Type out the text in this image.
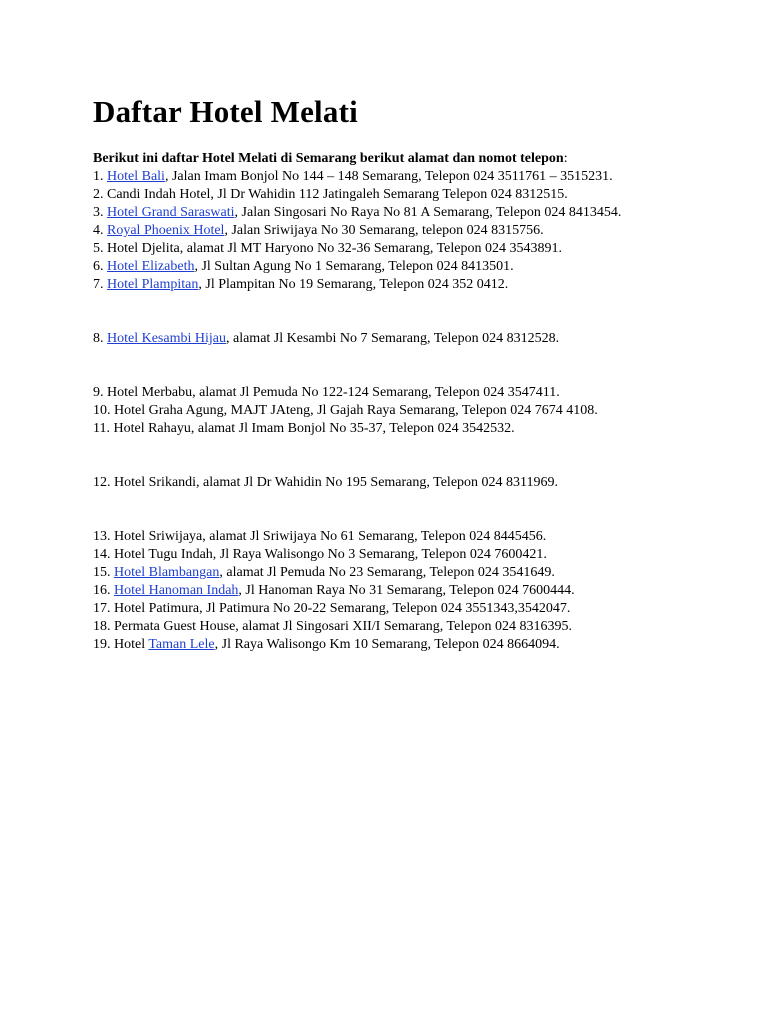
Daftar Hotel Melati

Berikut ini daftar Hotel Melati di Semarang berikut alamat dan nomot telepon:

1. Hotel Bali, Jalan Imam Bonjol No 144 – 148 Semarang, Telepon 024 3511761 – 3515231.
2. Candi Indah Hotel, Jl Dr Wahidin 112 Jatingaleh Semarang Telepon 024 8312515.
3. Hotel Grand Saraswati, Jalan Singosari No Raya No 81 A Semarang, Telepon 024 8413454.
4. Royal Phoenix Hotel, Jalan Sriwijaya No 30 Semarang, telepon 024 8315756.
5. Hotel Djelita, alamat Jl MT Haryono No 32-36 Semarang, Telepon 024 3543891.
6. Hotel Elizabeth, Jl Sultan Agung No 1 Semarang, Telepon 024 8413501.
7. Hotel Plampitan, Jl Plampitan No 19 Semarang, Telepon 024 352 0412.
8. Hotel Kesambi Hijau, alamat Jl Kesambi No 7 Semarang, Telepon 024 8312528.
9. Hotel Merbabu, alamat Jl Pemuda No 122-124 Semarang, Telepon 024 3547411.
10. Hotel Graha Agung, MAJT JAteng, Jl Gajah Raya Semarang, Telepon 024 7674 4108.
11. Hotel Rahayu, alamat Jl Imam Bonjol No 35-37, Telepon 024 3542532.
12. Hotel Srikandi, alamat Jl Dr Wahidin No 195 Semarang, Telepon 024 8311969.
13. Hotel Sriwijaya, alamat Jl Sriwijaya No 61 Semarang, Telepon 024 8445456.
14. Hotel Tugu Indah, Jl Raya Walisongo No 3 Semarang, Telepon 024 7600421.
15. Hotel Blambangan, alamat Jl Pemuda No 23 Semarang, Telepon 024 3541649.
16. Hotel Hanoman Indah, Jl Hanoman Raya No 31 Semarang, Telepon 024 7600444.
17. Hotel Patimura, Jl Patimura No 20-22 Semarang, Telepon 024 3551343,3542047.
18. Permata Guest House, alamat Jl Singosari XII/I Semarang, Telepon 024 8316395.
19. Hotel Taman Lele, Jl Raya Walisongo Km 10 Semarang, Telepon 024 8664094.
